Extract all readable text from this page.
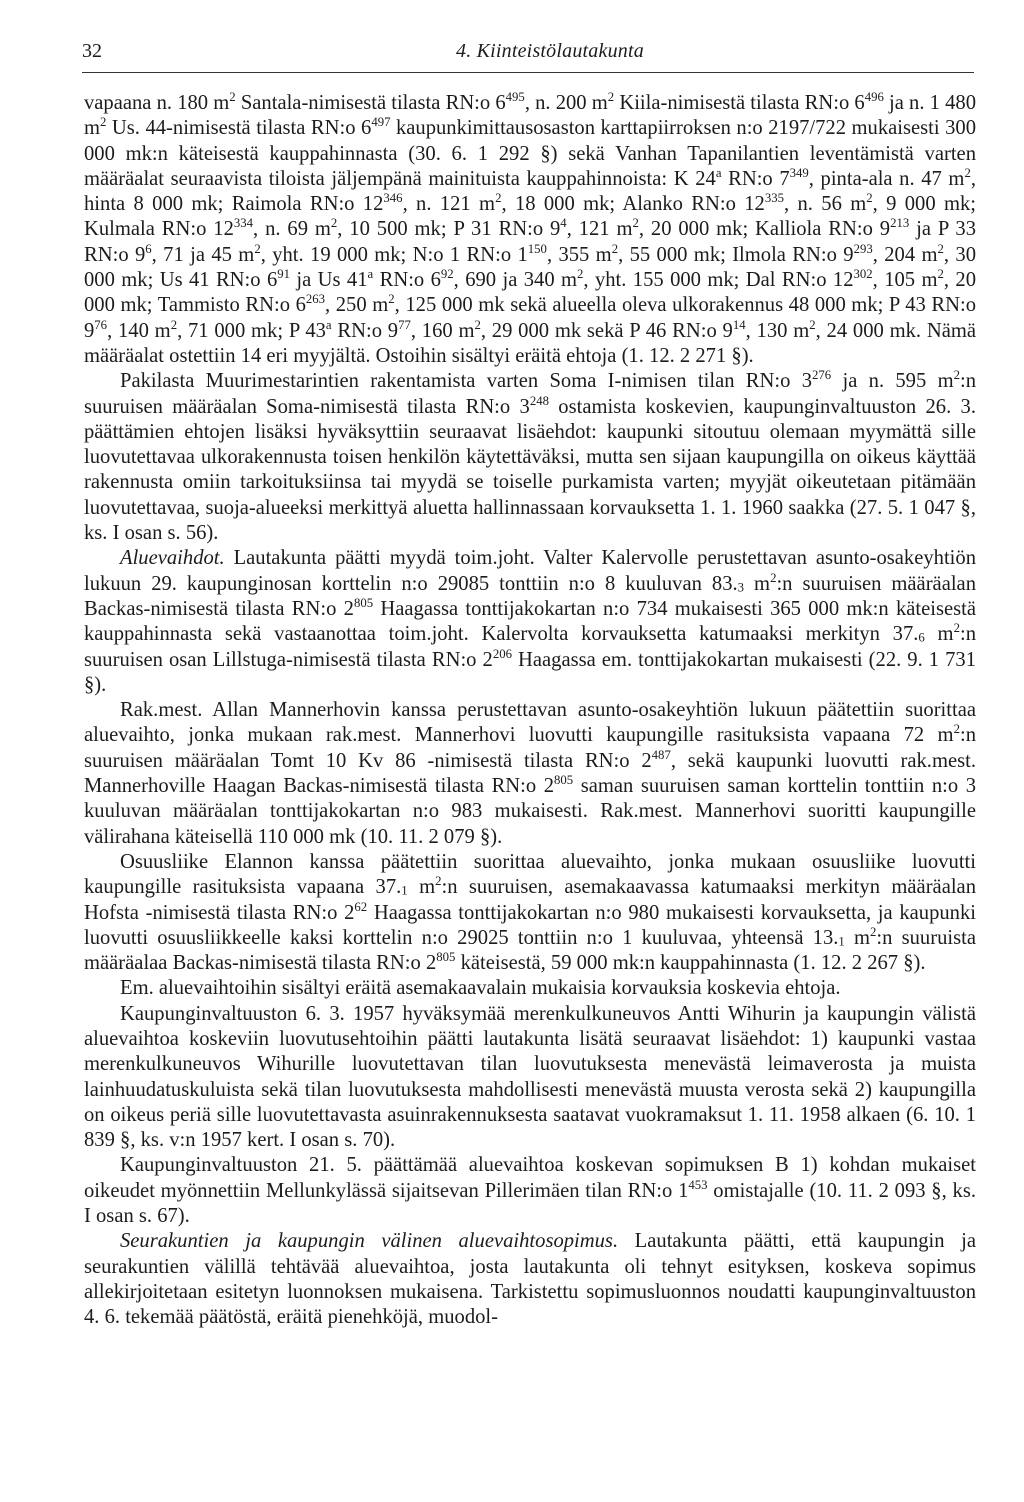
32	4. Kiinteistölautakunta

vapaana n. 180 $m^2$ Santala-nimisestä tilasta RN:o $6^{495}$, n. 200 $m^2$ Kiila-nimisestä tilasta RN:o $6^{496}$ ja n. 1 480 $m^2$ Us. 44-nimisestä tilasta RN:o $6^{497}$ kaupunkimittausosaston karttapiirroksen n:o 2197/722 mukaisesti 300 000 mk:n käteisestä kauppahinnasta (30. 6. 1 292 §) sekä Vanhan Tapanilantien leventämistä varten määräalat seuraavista tiloista jäljempänä mainituista kauppahinnoista: K 24$^a$ RN:o $7^{349}$, pinta-ala n. 47 $m^2$, hinta 8 000 mk; Raimola RN:o $12^{346}$, n. 121 $m^2$, 18 000 mk; Alanko RN:o $12^{335}$, n. 56 $m^2$, 9 000 mk; Kulmala RN:o $12^{334}$, n. 69 $m^2$, 10 500 mk; P 31 RN:o $9^4$, 121 $m^2$, 20 000 mk; Kalliola RN:o $9^{213}$ ja P 33 RN:o $9^6$, 71 ja 45 $m^2$, yht. 19 000 mk; N:o 1 RN:o $1^{150}$, 355 $m^2$, 55 000 mk; Ilmola RN:o $9^{293}$, 204 $m^2$, 30 000 mk; Us 41 RN:o $6^{91}$ ja Us 41$^a$ RN:o $6^{92}$, 690 ja 340 $m^2$, yht. 155 000 mk; Dal RN:o $12^{302}$, 105 $m^2$, 20 000 mk; Tammisto RN:o $6^{263}$, 250 $m^2$, 125 000 mk sekä alueella oleva ulkorakennus 48 000 mk; P 43 RN:o $9^{76}$, 140 $m^2$, 71 000 mk; P 43$^a$ RN:o $9^{77}$, 160 $m^2$, 29 000 mk sekä P 46 RN:o $9^{14}$, 130 $m^2$, 24 000 mk. Nämä määräalat ostettiin 14 eri myyjältä. Ostoihin sisältyi eräitä ehtoja (1. 12. 2 271 §).

Pakilasta Muurimestarintien rakentamista varten Soma I-nimisen tilan RN:o $3^{276}$ ja n. 595 $m^2:n$ suuruisen määräalan Soma-nimisestä tilasta RN:o $3^{248}$ ostamista koskevien, kaupunginvaltuuston 26. 3. päättämien ehtojen lisäksi hyväksyttiin seuraavat lisäehdot: kaupunki sitoutuu olemaan myymättä sille luovutettavaa ulkorakennusta toisen henkilön käytettäväksi, mutta sen sijaan kaupungilla on oikeus käyttää rakennusta omiin tarkoituksiinsa tai myydä se toiselle purkamista varten; myyjät oikeutetaan pitämään luovutettavaa, suoja-alueeksi merkittyä aluetta hallinnassaan korvauksetta 1. 1. 1960 saakka (27. 5. 1 047 §, ks. I osan s. 56).

Aluevaihdot. Lautakunta päätti myydä toim.joht. Valter Kalervolle perustettavan asunto-osakeyhtiön lukuun 29. kaupunginosan korttelin n:o 29085 tonttiin n:o 8 kuuluvan $83._3$ $m^2:n$ suuruisen määräalan Backas-nimisestä tilasta RN:o $2^{805}$ Haagassa tonttijakokartan n:o 734 mukaisesti 365 000 mk:n käteisestä kauppahinnasta sekä vastaanottaa toim.joht. Kalervolta korvauksetta katumaaksi merkityn $37._6$ $m^2:n$ suuruisen osan Lillstuga-nimisestä tilasta RN:o $2^{206}$ Haagassa em. tonttijakokartan mukaisesti (22. 9. 1 731 §).

Rak.mest. Allan Mannerhovin kanssa perustettavan asunto-osakeyhtiön lukuun päätettiin suorittaa aluevaihto, jonka mukaan rak.mest. Mannerhovi luovutti kaupungille rasituksista vapaana 72 $m^2:n$ suuruisen määräalan Tomt 10 Kv 86 -nimisestä tilasta RN:o $2^{487}$, sekä kaupunki luovutti rak.mest. Mannerhoville Haagan Backas-nimisestä tilasta RN:o $2^{805}$ saman suuruisen saman korttelin tonttiin n:o 3 kuuluvan määräalan tonttijakokartan n:o 983 mukaisesti. Rak.mest. Mannerhovi suoritti kaupungille välirahana käteisellä 110 000 mk (10. 11. 2 079 §).

Osuusliike Elannon kanssa päätettiin suorittaa aluevaihto, jonka mukaan osuusliike luovutti kaupungille rasituksista vapaana $37._1$ $m^2:n$ suuruisen, asemakaavassa katumaaksi merkityn määräalan Hofsta -nimisestä tilasta RN:o $2^{62}$ Haagassa tonttijakokartan n:o 980 mukaisesti korvauksetta, ja kaupunki luovutti osuusliikkeelle kaksi korttelin n:o 29025 tonttiin n:o 1 kuuluvaa, yhteensä $13._1$ $m^2:n$ suuruista määräalaa Backas-nimisestä tilasta RN:o $2^{805}$ käteisestä, 59 000 mk:n kauppahinnasta (1. 12. 2 267 §).

Em. aluevaihtoihin sisältyi eräitä asemakaavalain mukaisia korvauksia koskevia ehtoja.

Kaupunginvaltuuston 6. 3. 1957 hyväksymää merenkulkuneuvos Antti Wihurin ja kaupungin välistä aluevaihtoa koskeviin luovutusehtoihin päätti lautakunta lisätä seuraavat lisäehdot: 1) kaupunki vastaa merenkulkuneuvos Wihurille luovutettavan tilan luovutuksesta menevästä leimaverosta ja muista lainhuudatuskuluista sekä tilan luovutuksesta mahdollisesti menevästä muusta verosta sekä 2) kaupungilla on oikeus periä sille luovutettavasta asuinrakennuksesta saatavat vuokramaksut 1. 11. 1958 alkaen (6. 10. 1 839 §, ks. v:n 1957 kert. I osan s. 70).

Kaupunginvaltuuston 21. 5. päättämää aluevaihtoa koskevan sopimuksen B 1) kohdan mukaiset oikeudet myönnettiin Mellunkylässä sijaitsevan Pillerimäen tilan RN:o $1^{453}$ omistajalle (10. 11. 2 093 §, ks. I osan s. 67).

Seurakuntien ja kaupungin välinen aluevaihtosopimus. Lautakunta päätti, että kaupungin ja seurakuntien välillä tehtävää aluevaihtoa, josta lautakunta oli tehnyt esityksen, koskeva sopimus allekirjoitetaan esitetyn luonnoksen mukaisena. Tarkistettu sopimusluonnos noudatti kaupunginvaltuuston 4. 6. tekemää päätöstä, eräitä pienehköjä, muodol-
